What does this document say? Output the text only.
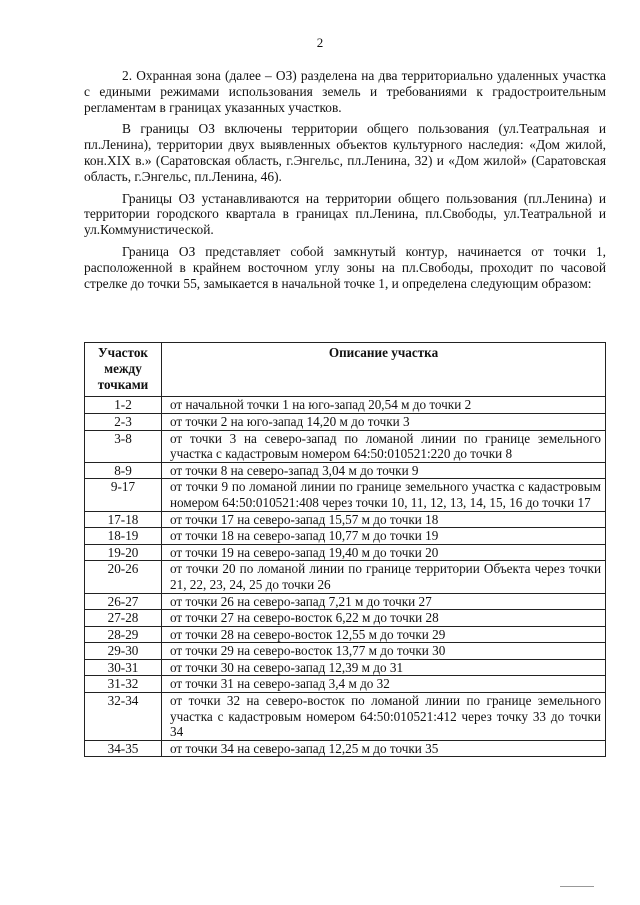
2

2. Охранная зона (далее – ОЗ) разделена на два территориально удаленных участка с едиными режимами использования земель и требованиями к градостроительным регламентам в границах указанных участков.

В границы ОЗ включены территории общего пользования (ул.Театральная и пл.Ленина), территории двух выявленных объектов культурного наследия: «Дом жилой, кон.XIX в.» (Саратовская область, г.Энгельс, пл.Ленина, 32) и «Дом жилой» (Саратовская область, г.Энгельс, пл.Ленина, 46).

Границы ОЗ устанавливаются на территории общего пользования (пл.Ленина) и территории городского квартала в границах пл.Ленина, пл.Свободы, ул.Театральной и ул.Коммунистической.

Граница ОЗ представляет собой замкнутый контур, начинается от точки 1, расположенной в крайнем восточном углу зоны на пл.Свободы, проходит по часовой стрелке до точки 55, замыкается в начальной точке 1, и определена следующим образом:

Участок между точками	Описание участка
1-2	от начальной точки 1 на юго-запад 20,54 м до точки 2
2-3	от точки 2 на юго-запад 14,20 м до точки 3
3-8	от точки 3 на северо-запад по ломаной линии по границе земельного участка с кадастровым номером 64:50:010521:220 до точки 8
8-9	от точки 8 на северо-запад 3,04 м до точки 9
9-17	от точки 9 по ломаной линии по границе земельного участка с кадастровым номером 64:50:010521:408 через точки 10, 11, 12, 13, 14, 15, 16 до точки 17
17-18	от точки 17 на северо-запад 15,57 м до точки 18
18-19	от точки 18 на северо-запад 10,77 м до точки 19
19-20	от точки 19 на северо-запад 19,40 м до точки 20
20-26	от точки 20 по ломаной линии по границе территории Объекта через точки 21, 22, 23, 24, 25 до точки 26
26-27	от точки 26 на северо-запад 7,21 м до точки 27
27-28	от точки 27 на северо-восток 6,22 м до точки 28
28-29	от точки 28 на северо-восток 12,55 м до точки 29
29-30	от точки 29 на северо-восток 13,77 м до точки 30
30-31	от точки 30 на северо-запад 12,39 м до 31
31-32	от точки 31 на северо-запад 3,4 м до 32
32-34	от точки 32 на северо-восток по ломаной линии по границе земельного участка с кадастровым номером 64:50:010521:412 через точку 33 до точки 34
34-35	от точки 34 на северо-запад 12,25 м до точки 35
